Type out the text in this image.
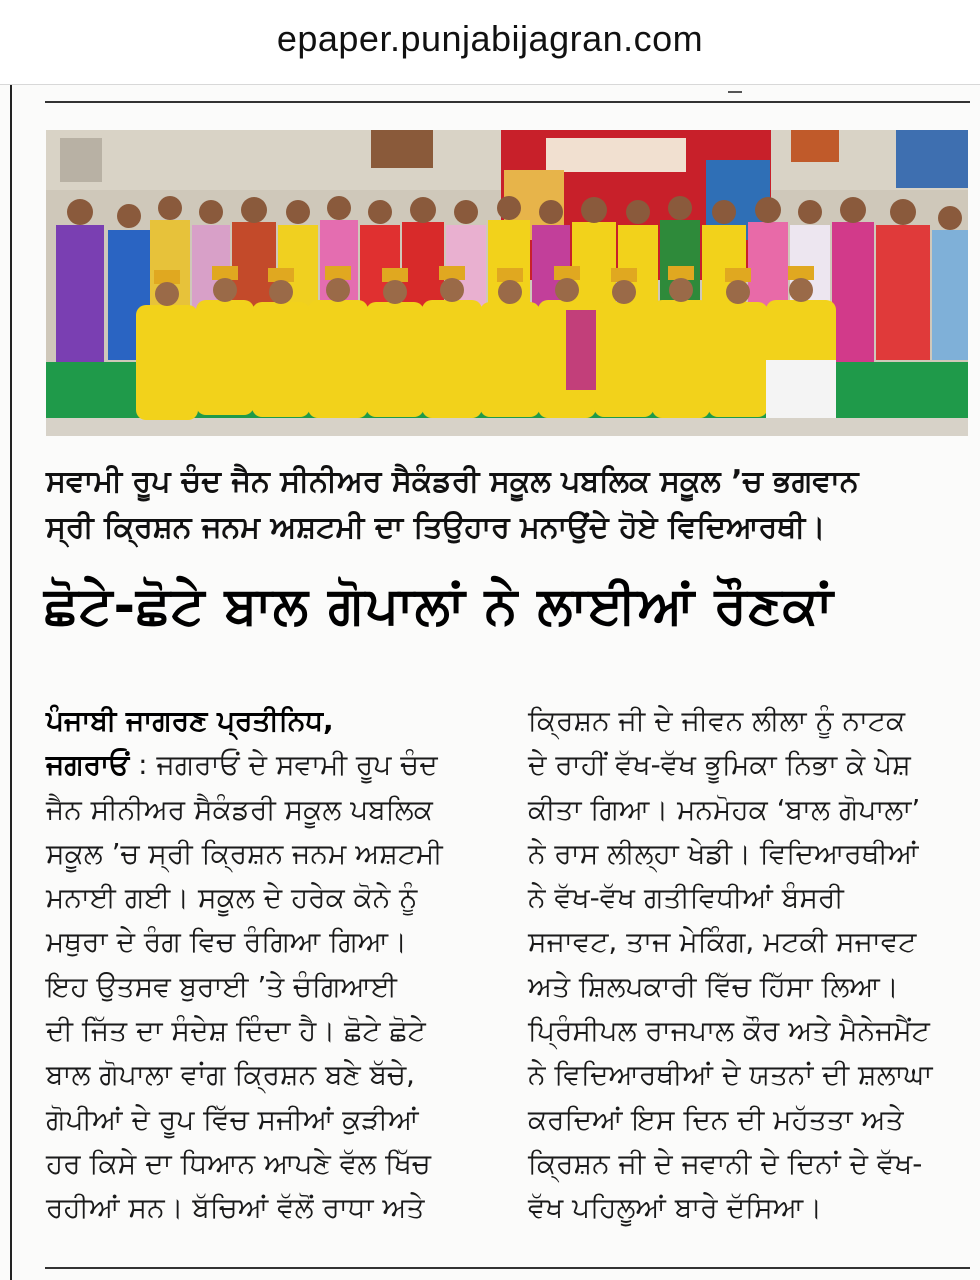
epaper.punjabijagran.com
ਸਵਾਮੀ ਰੂਪ ਚੰਦ ਜੈਨ ਸੀਨੀਅਰ ਸੈਕੰਡਰੀ ਸਕੂਲ ਪਬਲਿਕ ਸਕੂਲ ’ਚ ਭਗਵਾਨ
ਸ੍ਰੀ ਕ੍ਰਿਸ਼ਨ ਜਨਮ ਅਸ਼ਟਮੀ ਦਾ ਤਿਉਹਾਰ ਮਨਾਉਂਦੇ ਹੋਏ ਵਿਦਿਆਰਥੀ।
ਛੋਟੇ-ਛੋਟੇ ਬਾਲ ਗੋਪਾਲਾਂ ਨੇ ਲਾਈਆਂ ਰੌਣਕਾਂ
ਪੰਜਾਬੀ ਜਾਗਰਣ ਪ੍ਰਤੀਨਿਧ,
ਜਗਰਾਓਂ : ਜਗਰਾਓਂ ਦੇ ਸਵਾਮੀ ਰੂਪ ਚੰਦ
ਜੈਨ ਸੀਨੀਅਰ ਸੈਕੰਡਰੀ ਸਕੂਲ ਪਬਲਿਕ
ਸਕੂਲ ’ਚ ਸ੍ਰੀ ਕ੍ਰਿਸ਼ਨ ਜਨਮ ਅਸ਼ਟਮੀ
ਮਨਾਈ ਗਈ। ਸਕੂਲ ਦੇ ਹਰੇਕ ਕੋਨੇ ਨੂੰ
ਮਥੁਰਾ ਦੇ ਰੰਗ ਵਿਚ ਰੰਗਿਆ ਗਿਆ।
ਇਹ ਉਤਸਵ ਬੁਰਾਈ ’ਤੇ ਚੰਗਿਆਈ
ਦੀ ਜਿੱਤ ਦਾ ਸੰਦੇਸ਼ ਦਿੰਦਾ ਹੈ। ਛੋਟੇ ਛੋਟੇ
ਬਾਲ ਗੋਪਾਲਾ ਵਾਂਗ ਕ੍ਰਿਸ਼ਨ ਬਣੇ ਬੱਚੇ,
ਗੋਪੀਆਂ ਦੇ ਰੂਪ ਵਿੱਚ ਸਜੀਆਂ ਕੁੜੀਆਂ
ਹਰ ਕਿਸੇ ਦਾ ਧਿਆਨ ਆਪਣੇ ਵੱਲ ਖਿੱਚ
ਰਹੀਆਂ ਸਨ। ਬੱਚਿਆਂ ਵੱਲੋਂ ਰਾਧਾ ਅਤੇ
ਕ੍ਰਿਸ਼ਨ ਜੀ ਦੇ ਜੀਵਨ ਲੀਲਾ ਨੂੰ ਨਾਟਕ
ਦੇ ਰਾਹੀਂ ਵੱਖ-ਵੱਖ ਭੂਮਿਕਾ ਨਿਭਾ ਕੇ ਪੇਸ਼
ਕੀਤਾ ਗਿਆ। ਮਨਮੋਹਕ ‘ਬਾਲ ਗੋਪਾਲਾ’
ਨੇ ਰਾਸ ਲੀਲ੍ਹਾ ਖੇਡੀ। ਵਿਦਿਆਰਥੀਆਂ
ਨੇ ਵੱਖ-ਵੱਖ ਗਤੀਵਿਧੀਆਂ ਬੰਸਰੀ
ਸਜਾਵਟ, ਤਾਜ ਮੇਕਿੰਗ, ਮਟਕੀ ਸਜਾਵਟ
ਅਤੇ ਸ਼ਿਲਪਕਾਰੀ ਵਿੱਚ ਹਿੱਸਾ ਲਿਆ।
ਪ੍ਰਿੰਸੀਪਲ ਰਾਜਪਾਲ ਕੌਰ ਅਤੇ ਮੈਨੇਜਮੈਂਟ
ਨੇ ਵਿਦਿਆਰਥੀਆਂ ਦੇ ਯਤਨਾਂ ਦੀ ਸ਼ਲਾਘਾ
ਕਰਦਿਆਂ ਇਸ ਦਿਨ ਦੀ ਮਹੱਤਤਾ ਅਤੇ
ਕ੍ਰਿਸ਼ਨ ਜੀ ਦੇ ਜਵਾਨੀ ਦੇ ਦਿਨਾਂ ਦੇ ਵੱਖ-
ਵੱਖ ਪਹਿਲੂਆਂ ਬਾਰੇ ਦੱਸਿਆ।
